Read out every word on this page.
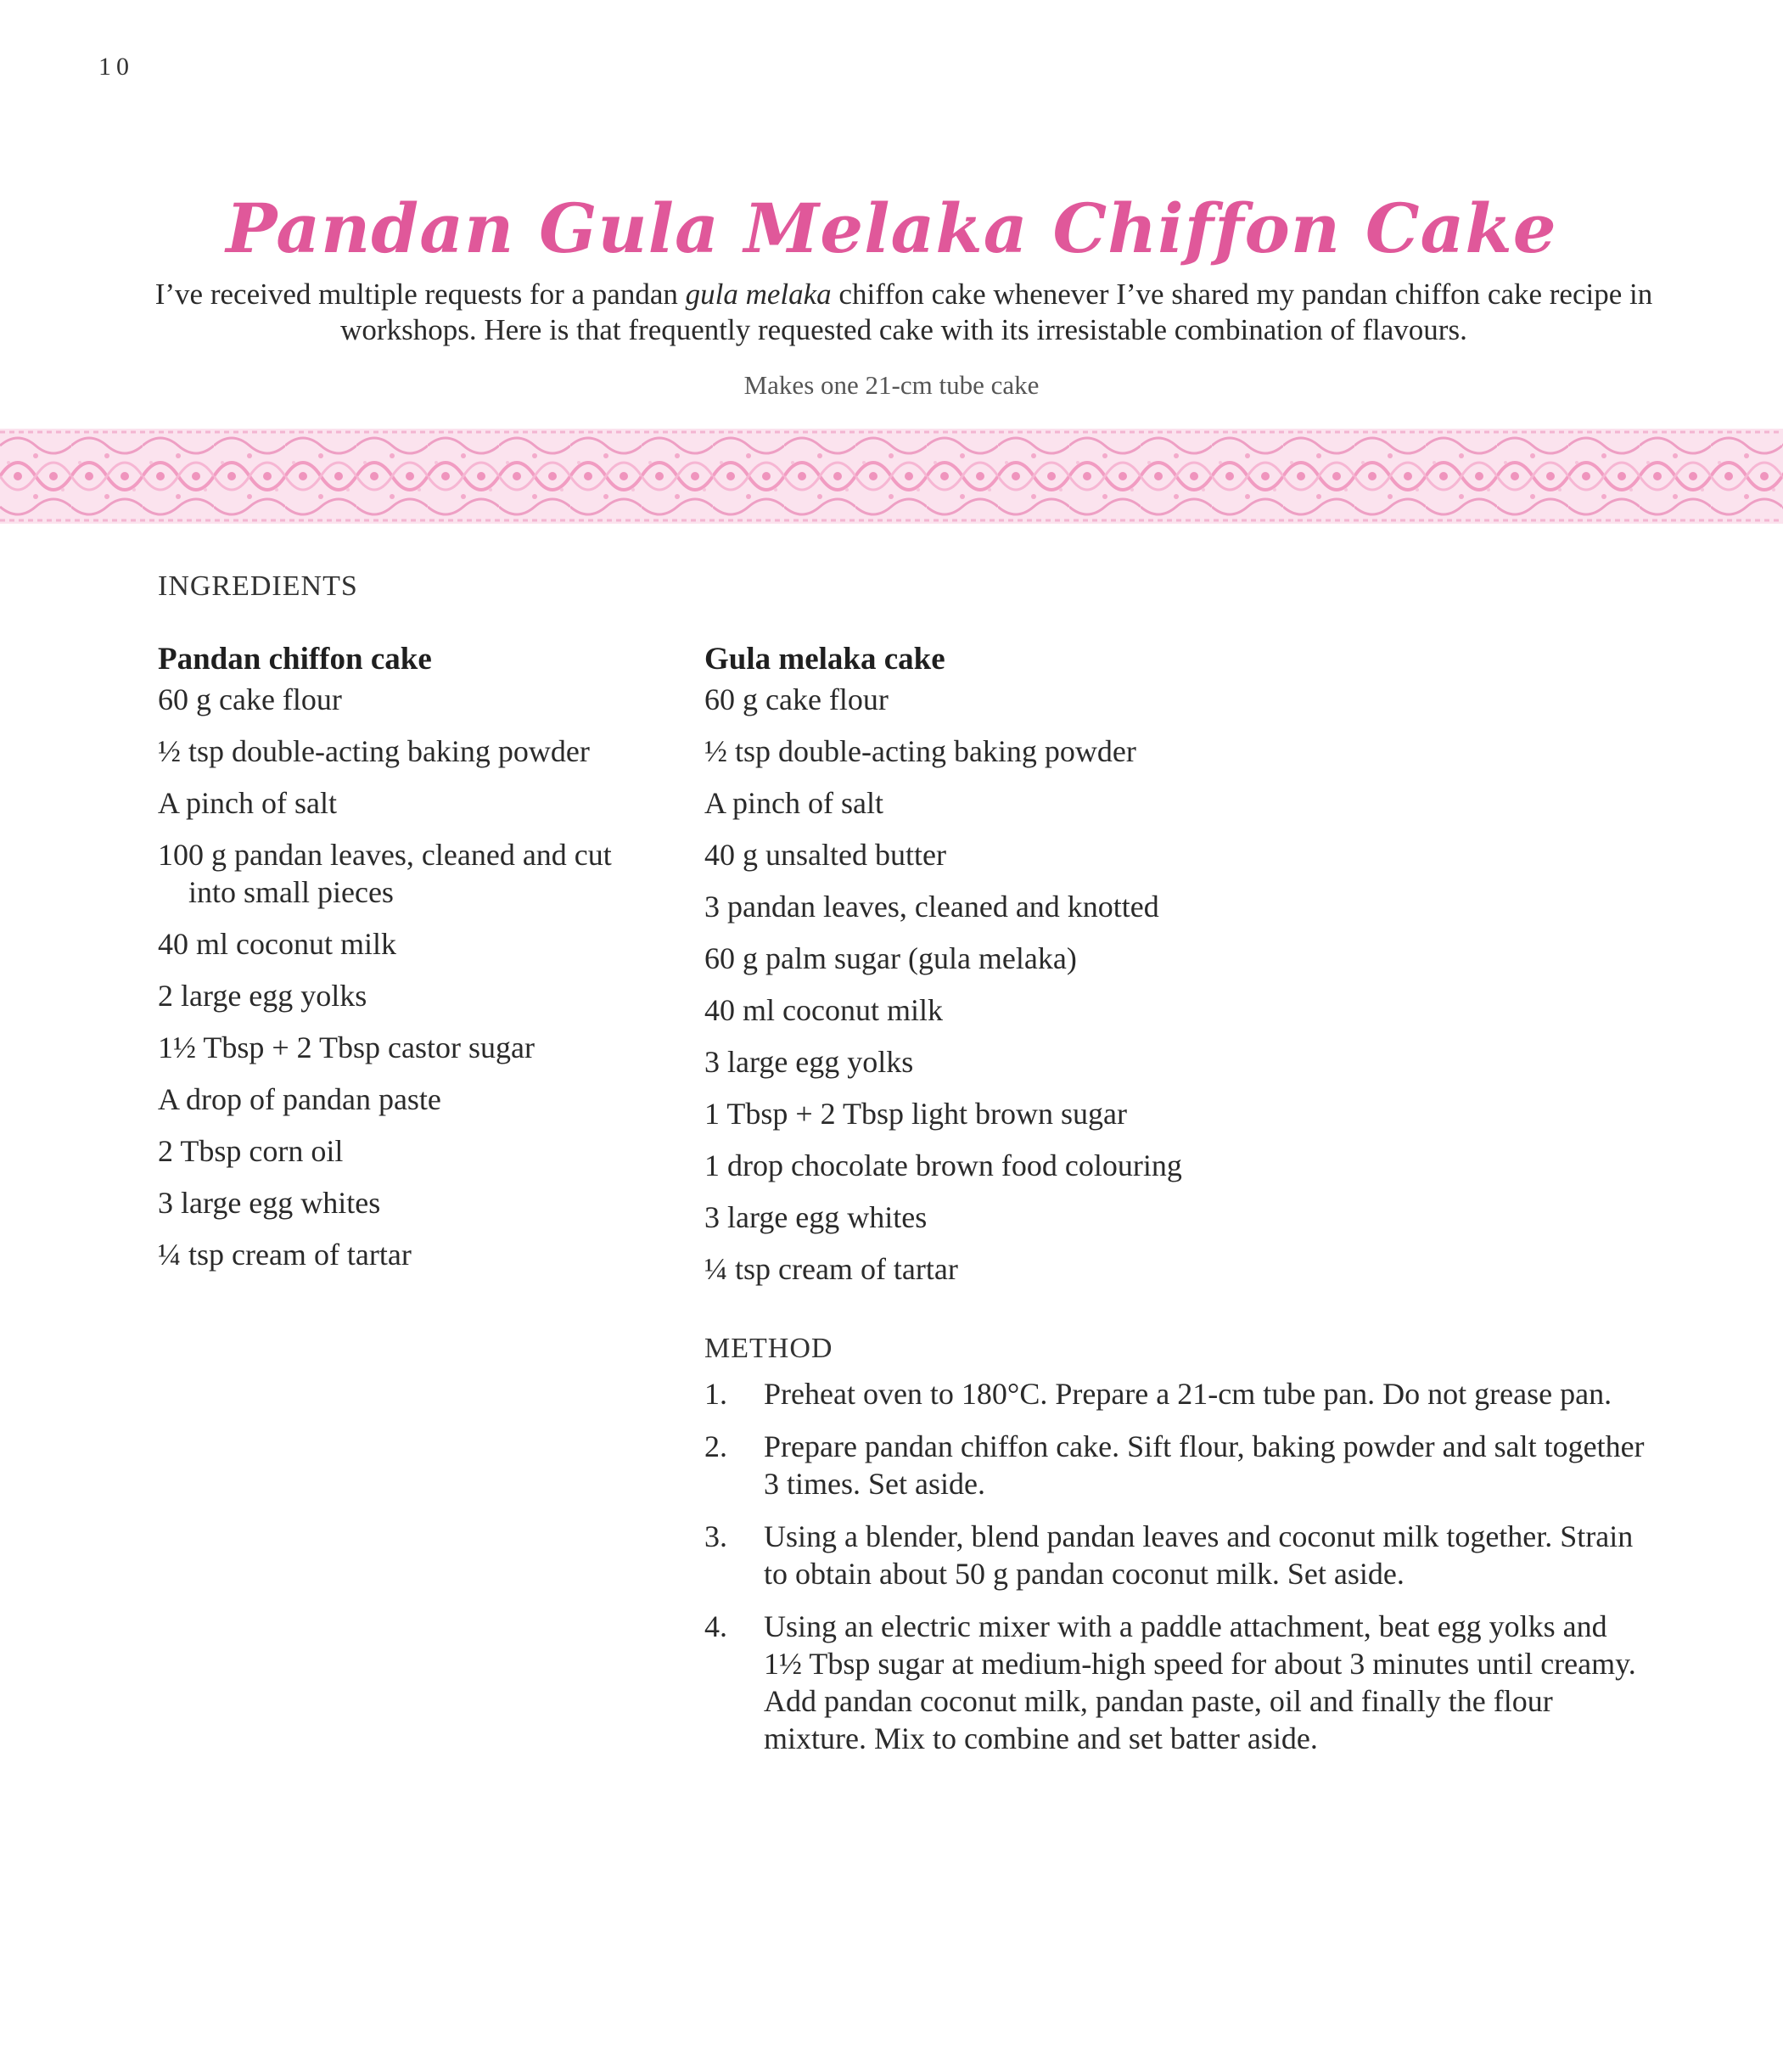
10
Pandan Gula Melaka Chiffon Cake
I’ve received multiple requests for a pandan gula melaka chiffon cake whenever I’ve shared my pandan chiffon cake recipe in workshops. Here is that frequently requested cake with its irresistable combination of flavours.
Makes one 21-cm tube cake
INGREDIENTS
Pandan chiffon cake
60 g cake flour
½ tsp double-acting baking powder
A pinch of salt
100 g pandan leaves, cleaned and cut into small pieces
40 ml coconut milk
2 large egg yolks
1½ Tbsp + 2 Tbsp castor sugar
A drop of pandan paste
2 Tbsp corn oil
3 large egg whites
¼ tsp cream of tartar
Gula melaka cake
60 g cake flour
½ tsp double-acting baking powder
A pinch of salt
40 g unsalted butter
3 pandan leaves, cleaned and knotted
60 g palm sugar (gula melaka)
40 ml coconut milk
3 large egg yolks
1 Tbsp + 2 Tbsp light brown sugar
1 drop chocolate brown food colouring
3 large egg whites
¼ tsp cream of tartar
METHOD
1.	Preheat oven to 180°C. Prepare a 21-cm tube pan. Do not grease pan.
2.	Prepare pandan chiffon cake. Sift flour, baking powder and salt together 3 times. Set aside.
3.	Using a blender, blend pandan leaves and coconut milk together. Strain to obtain about 50 g pandan coconut milk. Set aside.
4.	Using an electric mixer with a paddle attachment, beat egg yolks and 1½ Tbsp sugar at medium-high speed for about 3 minutes until creamy. Add pandan coconut milk, pandan paste, oil and finally the flour mixture. Mix to combine and set batter aside.
